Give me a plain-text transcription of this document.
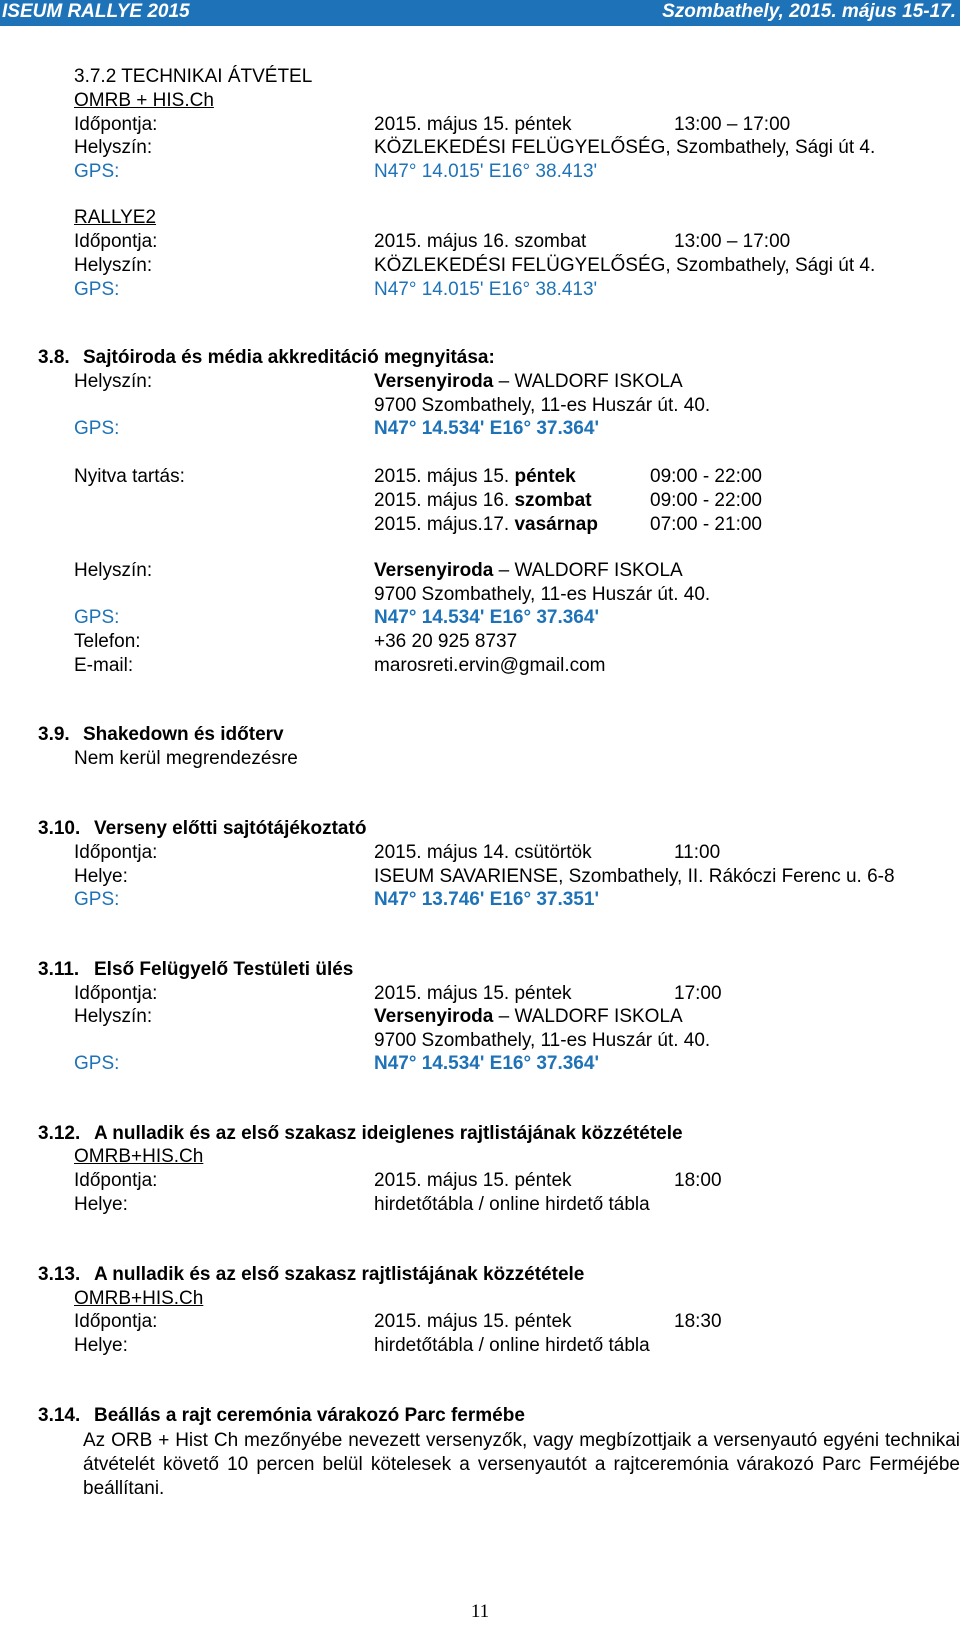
ISEUM RALLYE 2015	Szombathely, 2015. május 15-17.
3.7.2 TECHNIKAI ÁTVÉTEL
OMRB + HIS.Ch
Időpontja:	2015. május 15. péntek	13:00 – 17:00
Helyszín:	KÖZLEKEDÉSI FELÜGYELŐSÉG, Szombathely, Sági út 4.
GPS:	N47° 14.015' E16° 38.413'
RALLYE2
Időpontja:	2015. május 16. szombat	13:00 – 17:00
Helyszín:	KÖZLEKEDÉSI FELÜGYELŐSÉG, Szombathely, Sági út 4.
GPS:	N47° 14.015' E16° 38.413'
3.8. Sajtóiroda és média akkreditáció megnyitása:
Helyszín:	Versenyiroda – WALDORF ISKOLA
9700 Szombathely, 11-es Huszár út. 40.
GPS:	N47° 14.534' E16° 37.364'
Nyitva tartás:	2015. május 15. péntek	09:00 - 22:00
2015. május 16. szombat	09:00 - 22:00
2015. május.17. vasárnap	07:00 - 21:00
Helyszín:	Versenyiroda – WALDORF ISKOLA
9700 Szombathely, 11-es Huszár út. 40.
GPS:	N47° 14.534' E16° 37.364'
Telefon:	+36 20 925 8737
E-mail:	marosreti.ervin@gmail.com
3.9. Shakedown és időterv
Nem kerül megrendezésre
3.10. Verseny előtti sajtótájékoztató
Időpontja:	2015. május 14. csütörtök	11:00
Helye:	ISEUM SAVARIENSE, Szombathely, II. Rákóczi Ferenc u. 6-8
GPS:	N47° 13.746' E16° 37.351'
3.11. Első Felügyelő Testületi ülés
Időpontja:	2015. május 15. péntek	17:00
Helyszín:	Versenyiroda – WALDORF ISKOLA
9700 Szombathely, 11-es Huszár út. 40.
GPS:	N47° 14.534' E16° 37.364'
3.12. A nulladik és az első szakasz ideiglenes rajtlistájának közzététele
OMRB+HIS.Ch
Időpontja:	2015. május 15. péntek	18:00
Helye:	hirdetőtábla / online hirdető tábla
3.13. A nulladik és az első szakasz rajtlistájának közzététele
OMRB+HIS.Ch
Időpontja:	2015. május 15. péntek	18:30
Helye:	hirdetőtábla / online hirdető tábla
3.14. Beállás a rajt ceremónia várakozó Parc fermébe
Az ORB + Hist Ch mezőnyébe nevezett versenyzők, vagy megbízottjaik a versenyautó egyéni technikai átvételét követő 10 percen belül kötelesek a versenyautót a rajtceremónia várakozó Parc Ferméjébe beállítani.
11
